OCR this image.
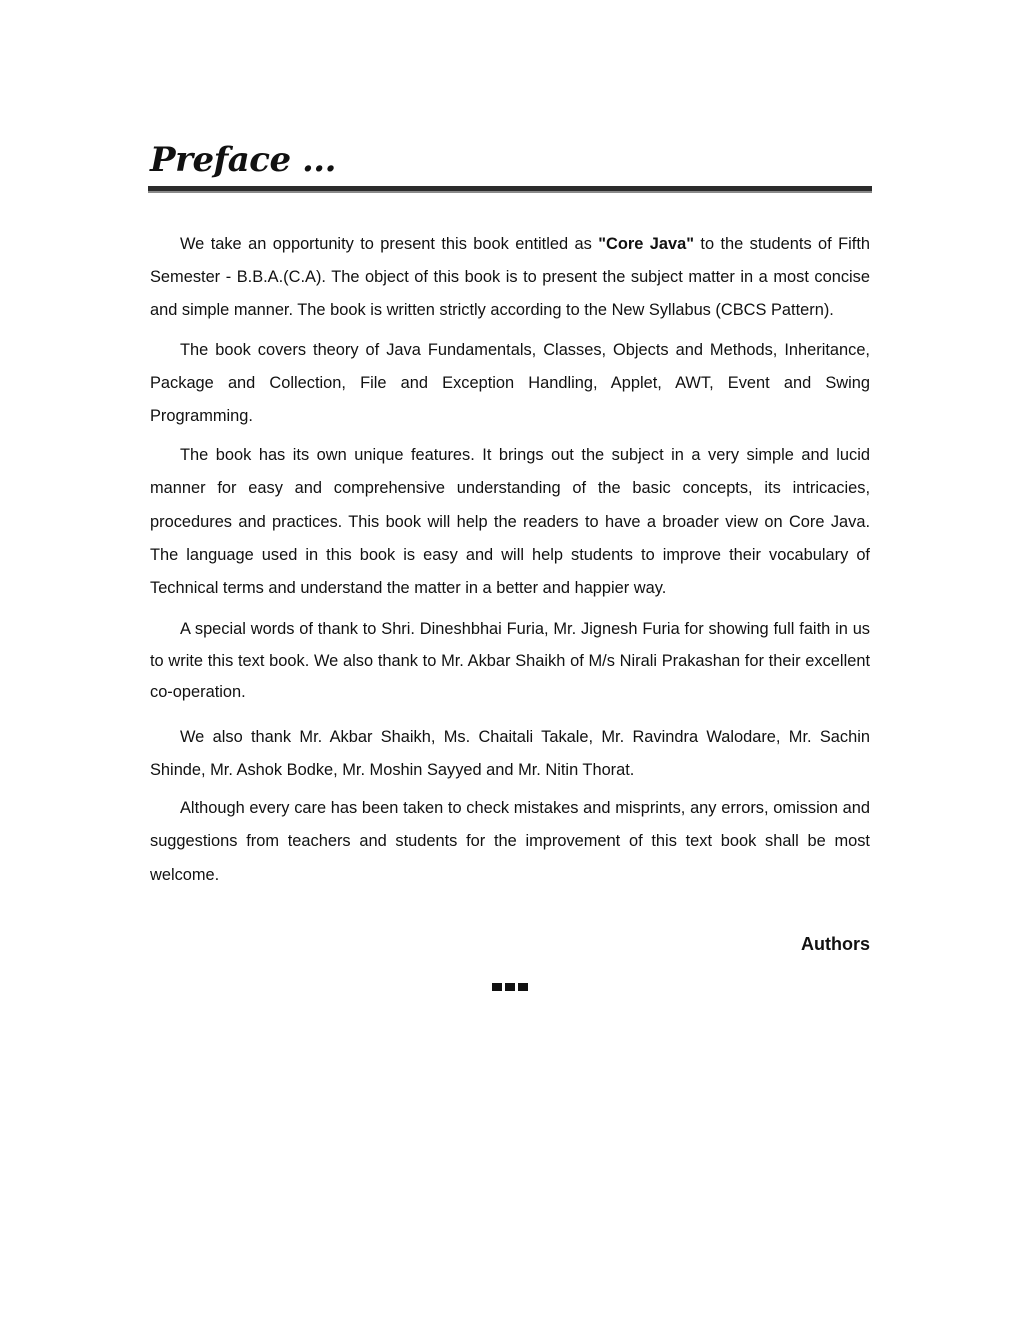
Preface ...

We take an opportunity to present this book entitled as "Core Java" to the students of Fifth Semester - B.B.A.(C.A). The object of this book is to present the subject matter in a most concise and simple manner. The book is written strictly according to the New Syllabus (CBCS Pattern).

The book covers theory of Java Fundamentals, Classes, Objects and Methods, Inheritance, Package and Collection, File and Exception Handling, Applet, AWT, Event and Swing Programming.

The book has its own unique features. It brings out the subject in a very simple and lucid manner for easy and comprehensive understanding of the basic concepts, its intricacies, procedures and practices. This book will help the readers to have a broader view on Core Java. The language used in this book is easy and will help students to improve their vocabulary of Technical terms and understand the matter in a better and happier way.

A special words of thank to Shri. Dineshbhai Furia, Mr. Jignesh Furia for showing full faith in us to write this text book. We also thank to Mr. Akbar Shaikh of M/s Nirali Prakashan for their excellent co-operation.

We also thank Mr. Akbar Shaikh, Ms. Chaitali Takale, Mr. Ravindra Walodare, Mr. Sachin Shinde, Mr. Ashok Bodke, Mr. Moshin Sayyed and Mr. Nitin Thorat.

Although every care has been taken to check mistakes and misprints, any errors, omission and suggestions from teachers and students for the improvement of this text book shall be most welcome.

Authors
